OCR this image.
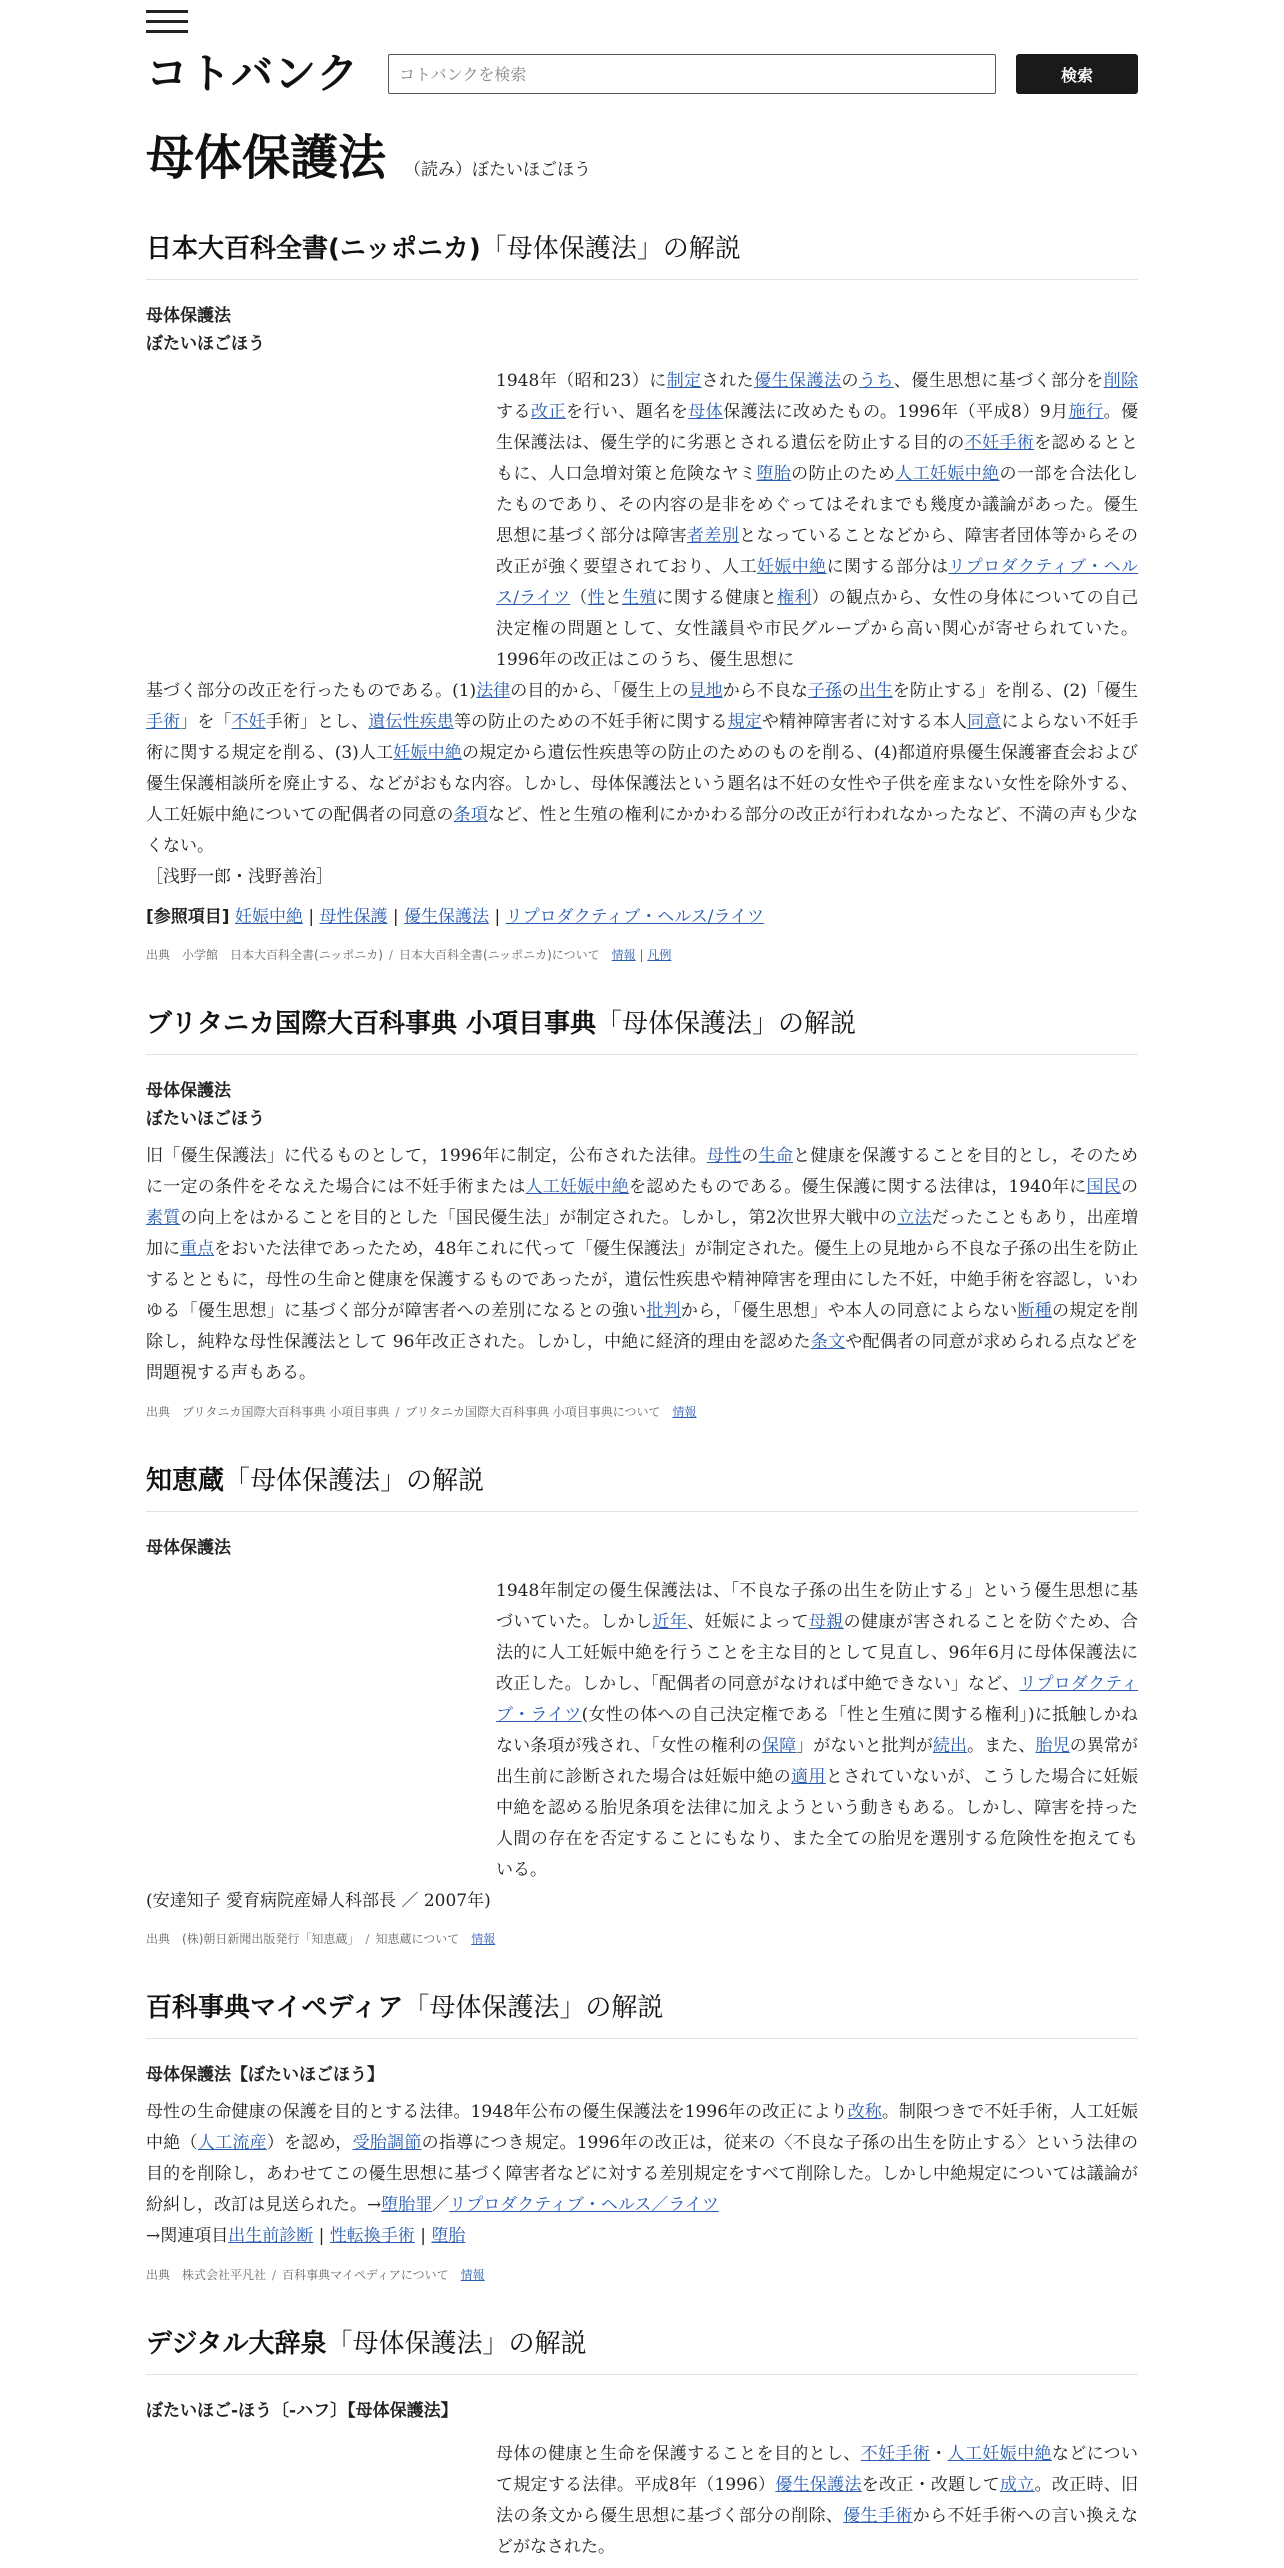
コトバンク
コトバンクを検索	検索
母体保護法 （読み）ぼたいほごほう
日本大百科全書(ニッポニカ)「母体保護法」の解説
母体保護法
ぼたいほごほう
1948年（昭和23）に制定された優生保護法のうち、優生思想に基づく部分を削除する改正を行い、題名を母体保護法に改めたもの。1996年（平成8）9月施行。優生保護法は、優生学的に劣悪とされる遺伝を防止する目的の不妊手術を認めるとともに、人口急増対策と危険なヤミ堕胎の防止のため人工妊娠中絶の一部を合法化したものであり、その内容の是非をめぐってはそれまでも幾度か議論があった。優生思想に基づく部分は障害者差別となっていることなどから、障害者団体等からその改正が強く要望されており、人工妊娠中絶に関する部分はリプロダクティブ・ヘルス/ライツ（性と生殖に関する健康と権利）の観点から、女性の身体についての自己決定権の問題として、女性議員や市民グループから高い関心が寄せられていた。1996年の改正はこのうち、優生思想に
基づく部分の改正を行ったものである。(1)法律の目的から、「優生上の見地から不良な子孫の出生を防止する」を削る、(2)「優生手術」を「不妊手術」とし、遺伝性疾患等の防止のための不妊手術に関する規定や精神障害者に対する本人同意によらない不妊手術に関する規定を削る、(3)人工妊娠中絶の規定から遺伝性疾患等の防止のためのものを削る、(4)都道府県優生保護審査会および優生保護相談所を廃止する、などがおもな内容。しかし、母体保護法という題名は不妊の女性や子供を産まない女性を除外する、人工妊娠中絶についての配偶者の同意の条項など、性と生殖の権利にかかわる部分の改正が行われなかったなど、不満の声も少なくない。
［浅野一郎・浅野善治］
[参照項目] 妊娠中絶 | 母性保護 | 優生保護法 | リプロダクティブ・ヘルス/ライツ
出典　 小学館　日本大百科全書(ニッポニカ) / 日本大百科全書(ニッポニカ)について　 情報 | 凡例
ブリタニカ国際大百科事典 小項目事典「母体保護法」の解説
母体保護法
ぼたいほごほう
旧「優生保護法」に代るものとして，1996年に制定，公布された法律。母性の生命と健康を保護することを目的とし，そのために一定の条件をそなえた場合には不妊手術または人工妊娠中絶を認めたものである。優生保護に関する法律は，1940年に国民の素質の向上をはかることを目的とした「国民優生法」が制定された。しかし，第2次世界大戦中の立法だったこともあり，出産増加に重点をおいた法律であったため，48年これに代って「優生保護法」が制定された。優生上の見地から不良な子孫の出生を防止するとともに，母性の生命と健康を保護するものであったが，遺伝性疾患や精神障害を理由にした不妊，中絶手術を容認し，いわゆる「優生思想」に基づく部分が障害者への差別になるとの強い批判から，「優生思想」や本人の同意によらない断種の規定を削除し，純粋な母性保護法として 96年改正された。しかし，中絶に経済的理由を認めた条文や配偶者の同意が求められる点などを問題視する声もある。
出典　 ブリタニカ国際大百科事典 小項目事典 / ブリタニカ国際大百科事典 小項目事典について　 情報
知恵蔵「母体保護法」の解説
母体保護法
1948年制定の優生保護法は、「不良な子孫の出生を防止する」という優生思想に基づいていた。しかし近年、妊娠によって母親の健康が害されることを防ぐため、合法的に人工妊娠中絶を行うことを主な目的として見直し、96年6月に母体保護法に改正した。しかし、「配偶者の同意がなければ中絶できない」など、リプロダクティブ・ライツ(女性の体への自己決定権である「性と生殖に関する権利」)に抵触しかねない条項が残され、「女性の権利の保障」がないと批判が続出。また、胎児の異常が出生前に診断された場合は妊娠中絶の適用とされていないが、こうした場合に妊娠中絶を認める胎児条項を法律に加えようという動きもある。しかし、障害を持った人間の存在を否定することにもなり、また全ての胎児を選別する危険性を抱えてもいる。
(安達知子 愛育病院産婦人科部長 ／ 2007年)
出典　 (株)朝日新聞出版発行「知恵蔵」 / 知恵蔵について　 情報
百科事典マイペディア「母体保護法」の解説
母体保護法【ぼたいほごほう】
母性の生命健康の保護を目的とする法律。1948年公布の優生保護法を1996年の改正により改称。制限つきで不妊手術，人工妊娠中絶（人工流産）を認め，受胎調節の指導につき規定。1996年の改正は，従来の〈不良な子孫の出生を防止する〉という法律の目的を削除し，あわせてこの優生思想に基づく障害者などに対する差別規定をすべて削除した。しかし中絶規定については議論が紛糾し，改訂は見送られた。→堕胎罪／リプロダクティブ・ヘルス／ライツ
→関連項目出生前診断 | 性転換手術 | 堕胎
出典　 株式会社平凡社 / 百科事典マイペディアについて　 情報
デジタル大辞泉「母体保護法」の解説
ぼたいほご‐ほう〔‐ハフ〕【母体保護法】
母体の健康と生命を保護することを目的とし、不妊手術・人工妊娠中絶などについて規定する法律。平成8年（1996）優生保護法を改正・改題して成立。改正時、旧法の条文から優生思想に基づく部分の削除、優生手術から不妊手術への言い換えなどがなされた。
